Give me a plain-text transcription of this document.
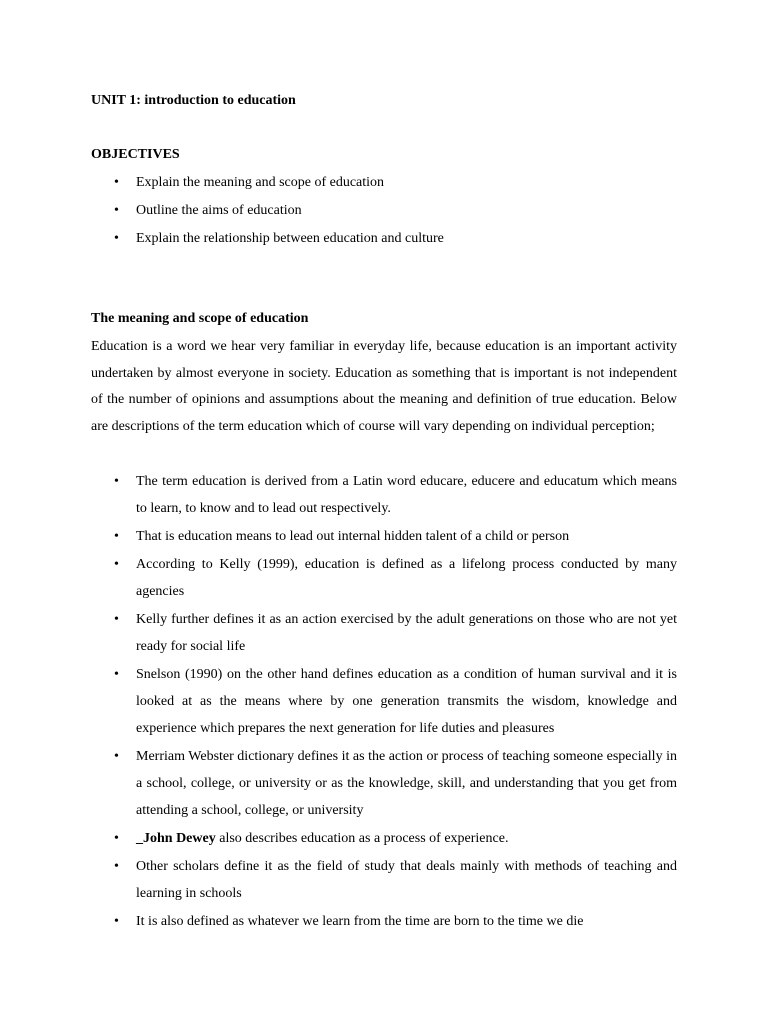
UNIT 1: introduction to education

OBJECTIVES

• Explain the meaning and scope of education
• Outline the aims of education
• Explain the relationship between education and culture

The meaning and scope of education

Education is a word we hear very familiar in everyday life, because education is an important activity undertaken by almost everyone in society. Education as something that is important is not independent of the number of opinions and assumptions about the meaning and definition of true education. Below are descriptions of the term education which of course will vary depending on individual perception;

• The term education is derived from a Latin word educare, educere and educatum which means to learn, to know and to lead out respectively.
• That is education means to lead out internal hidden talent of a child or person
• According to Kelly (1999), education is defined as a lifelong process conducted by many agencies
• Kelly further defines it as an action exercised by the adult generations on those who are not yet ready for social life
• Snelson (1990) on the other hand defines education as a condition of human survival and it is looked at as the means where by one generation transmits the wisdom, knowledge and experience which prepares the next generation for life duties and pleasures
• Merriam Webster dictionary defines it as the action or process of teaching someone especially in a school, college, or university or as the knowledge, skill, and understanding that you get from attending a school, college, or university
• _John Dewey also describes education as a process of experience.
• Other scholars define it as the field of study that deals mainly with methods of teaching and learning in schools
• It is also defined as whatever we learn from the time are born to the time we die
